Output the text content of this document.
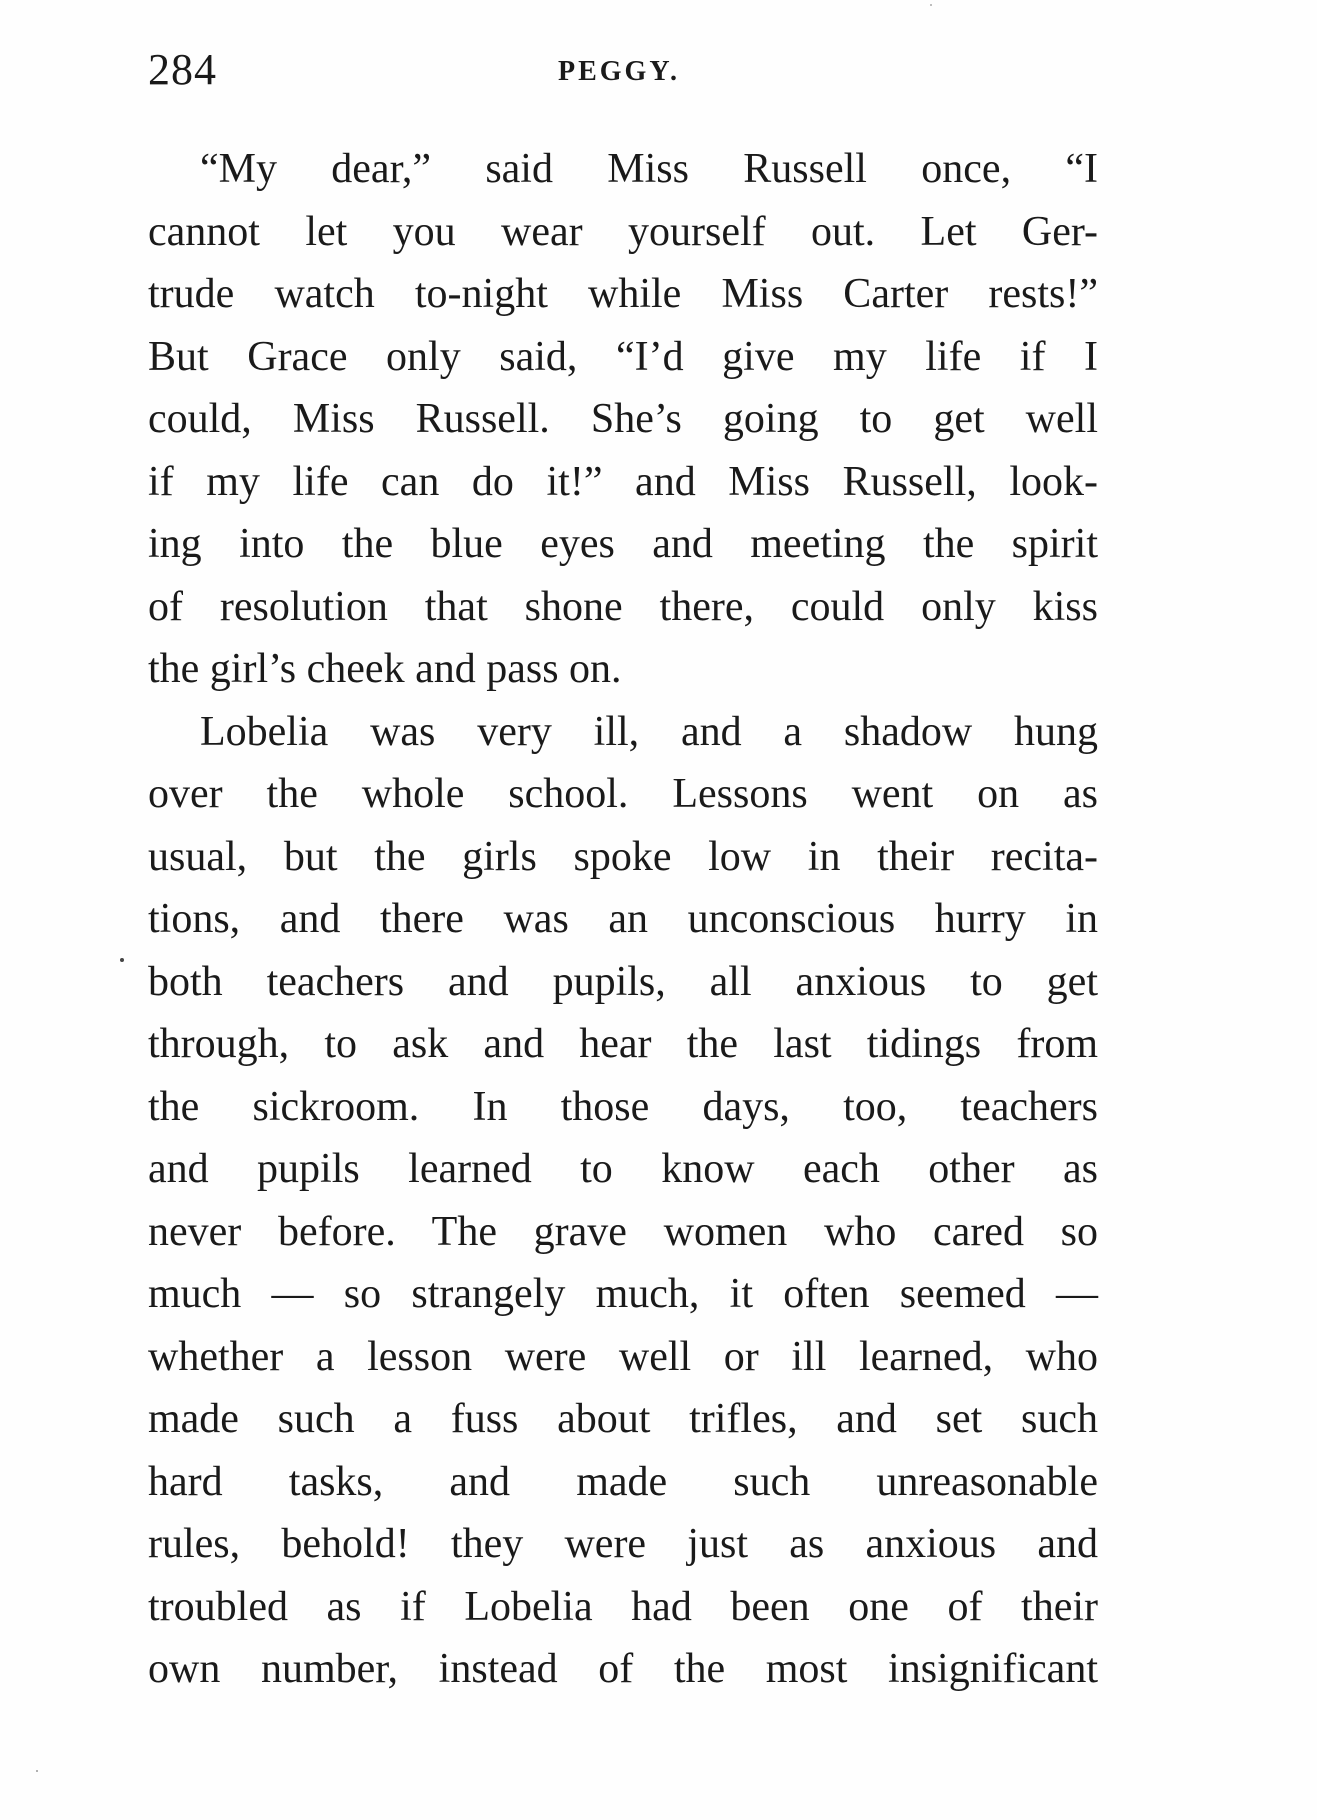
284	PEGGY.
“My dear,” said Miss Russell once, “I
cannot let you wear yourself out. Let Ger-
trude watch to-night while Miss Carter rests!”
But Grace only said, “I’d give my life if I
could, Miss Russell. She’s going to get well
if my life can do it!” and Miss Russell, look-
ing into the blue eyes and meeting the spirit
of resolution that shone there, could only kiss
the girl’s cheek and pass on.
Lobelia was very ill, and a shadow hung
over the whole school. Lessons went on as
usual, but the girls spoke low in their recita-
tions, and there was an unconscious hurry in
both teachers and pupils, all anxious to get
through, to ask and hear the last tidings from
the sickroom. In those days, too, teachers
and pupils learned to know each other as
never before. The grave women who cared so
much — so strangely much, it often seemed —
whether a lesson were well or ill learned, who
made such a fuss about trifles, and set such
hard tasks, and made such unreasonable
rules, behold! they were just as anxious and
troubled as if Lobelia had been one of their
own number, instead of the most insignificant
